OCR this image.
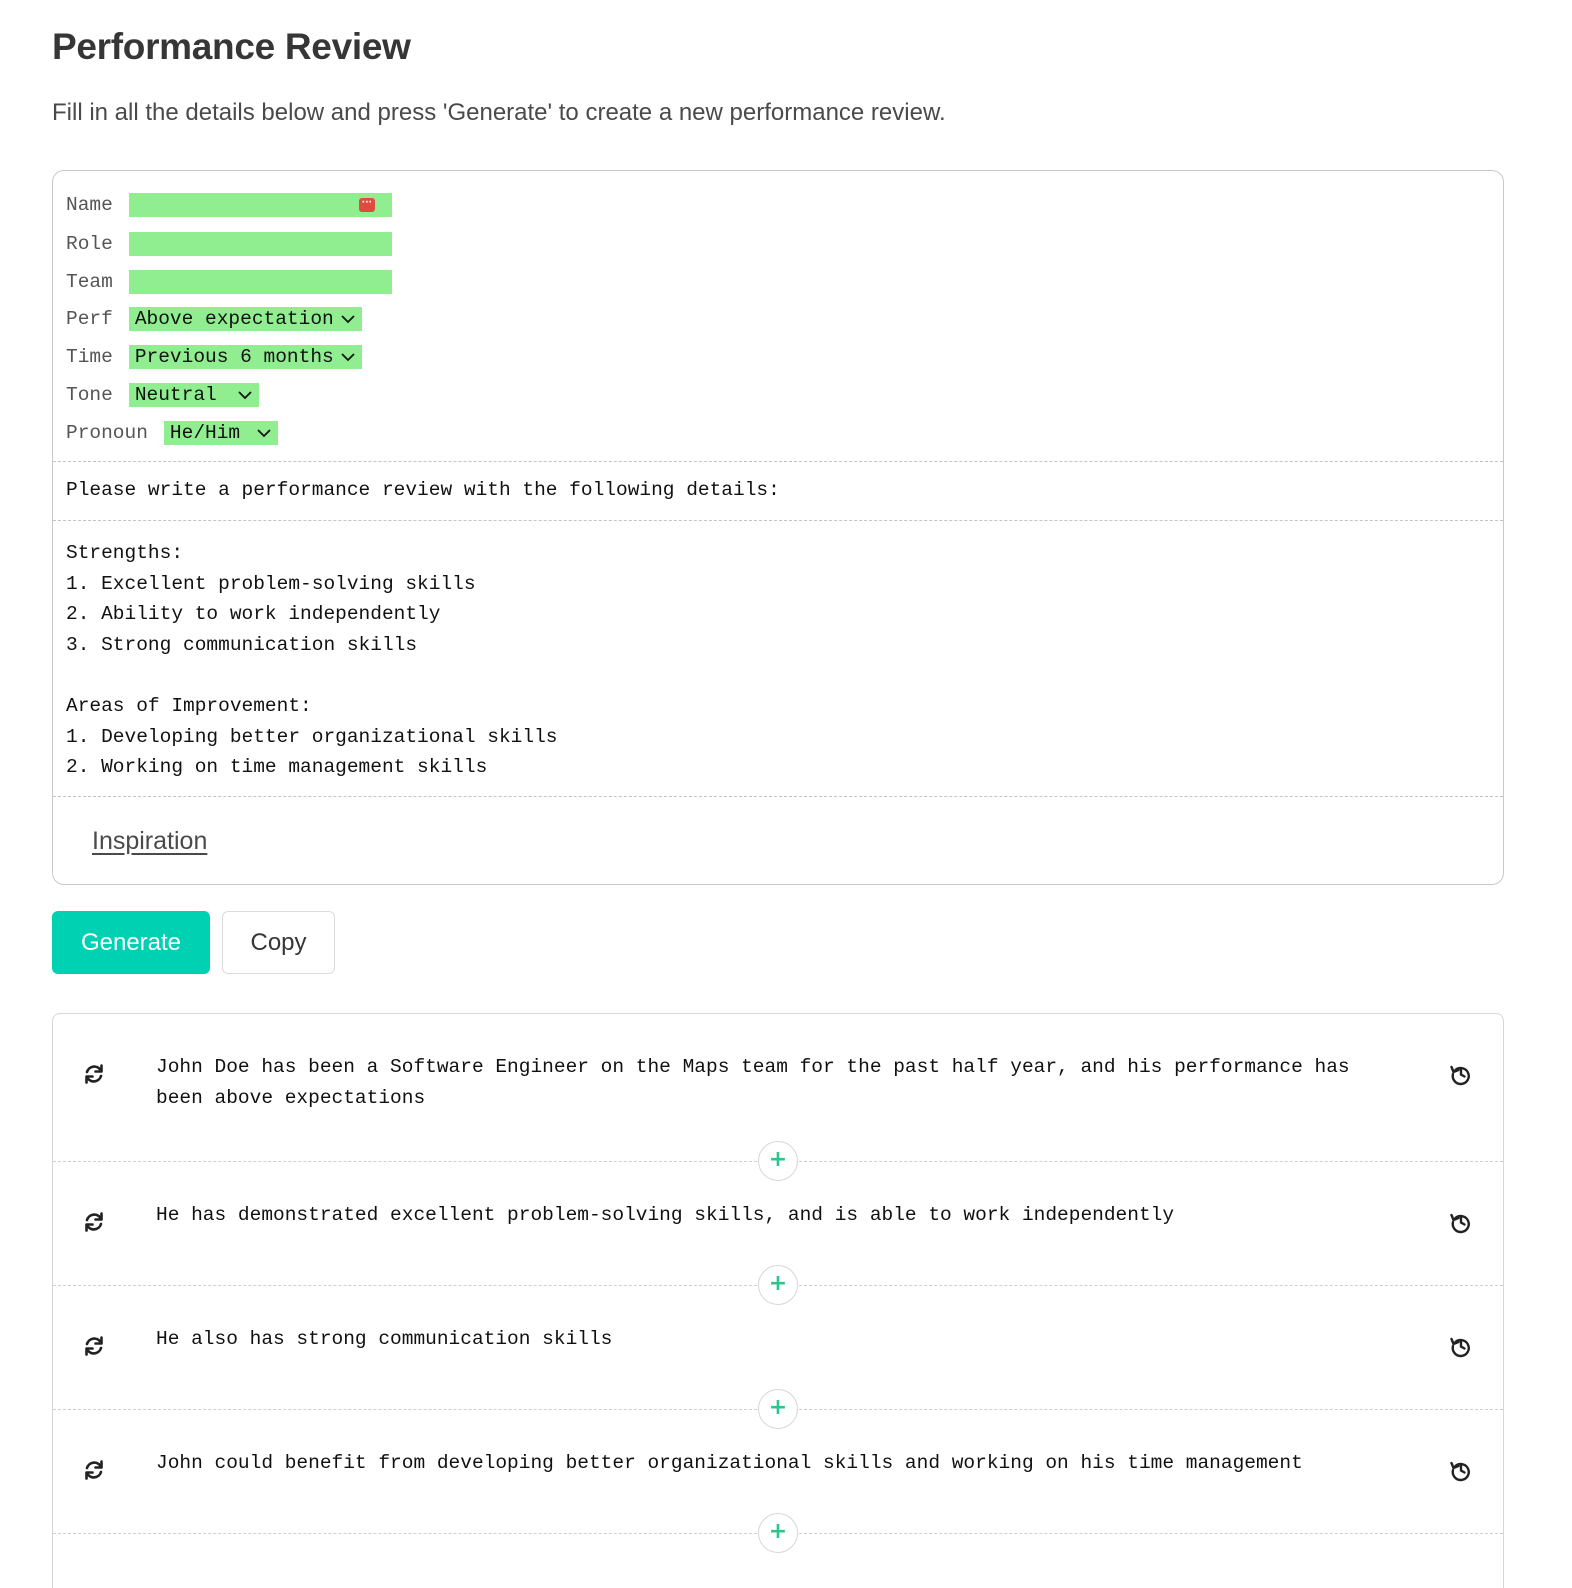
Performance Review

Fill in all the details below and press 'Generate' to create a new performance review.

Name

	···

Role

Team

Perf Above expectation
Time Previous 6 months
Tone Neutral
Pronoun He/Him
Please write a performance review with the following details:
Strengths:
1. Excellent problem-solving skills
2. Ability to work independently
3. Strong communication skills

Areas of Improvement:
1. Developing better organizational skills
2. Working on time management skills
Inspiration
Generate	Copy
John Doe has been a Software Engineer on the Maps team for the past half year, and his performance has been above expectations
+
He has demonstrated excellent problem-solving skills, and is able to work independently
+
He also has strong communication skills
+
John could benefit from developing better organizational skills and working on his time management
+
